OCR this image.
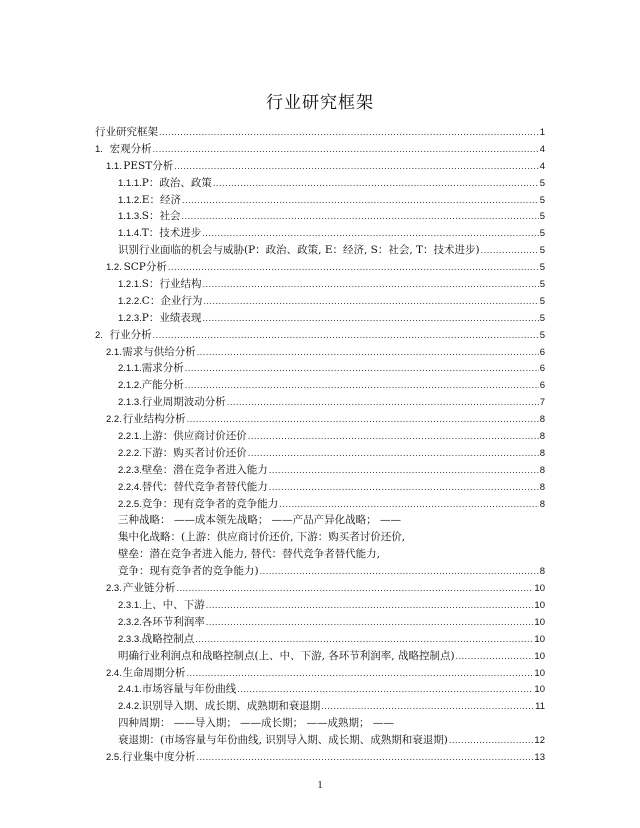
行业研究框架
行业研究框架 .....	1
1. 宏观分析 .....	4
1.1. PEST分析 .....	4
1.1.1. P：政治、政策 .....	5
1.1.2. E：经济 .....	5
1.1.3. S：社会 .....	5
1.1.4. T：技术进步 .....	5
识别行业面临的机会与威胁(P：政治、政策, E：经济, S：社会, T：技术进步) .....	5
1.2. SCP分析 .....	5
1.2.1. S：行业结构 .....	5
1.2.2. C：企业行为 .....	5
1.2.3. P：业绩表现 .....	5
2. 行业分析 .....	5
2.1. 需求与供给分析 .....	6
2.1.1. 需求分析 .....	6
2.1.2. 产能分析 .....	6
2.1.3. 行业周期波动分析 .....	7
2.2. 行业结构分析 .....	8
2.2.1. 上游：供应商讨价还价 .....	8
2.2.2. 下游：购买者讨价还价 .....	8
2.2.3. 壁垒：潜在竞争者进入能力 .....	8
2.2.4. 替代：替代竞争者替代能力 .....	8
2.2.5. 竞争：现有竞争者的竞争能力 .....	8
三种战略： ——成本领先战略； ——产品产异化战略； ——
集中化战略：(上游：供应商讨价还价, 下游：购买者讨价还价,
壁垒：潜在竞争者进入能力, 替代：替代竞争者替代能力,
竞争：现有竞争者的竞争能力) .....	8
2.3. 产业链分析 .....	10
2.3.1. 上、中、下游 .....	10
2.3.2. 各环节利润率 .....	10
2.3.3. 战略控制点 .....	10
明确行业利润点和战略控制点(上、中、下游, 各环节利润率, 战略控制点) .....	10
2.4. 生命周期分析 .....	10
2.4.1. 市场容量与年份曲线 .....	10
2.4.2. 识别导入期、成长期、成熟期和衰退期 .....	11
四种周期： ——导入期； ——成长期； ——成熟期； ——
衰退期：(市场容量与年份曲线, 识别导入期、成长期、成熟期和衰退期) .....	12
2.5. 行业集中度分析 .....	13
1
